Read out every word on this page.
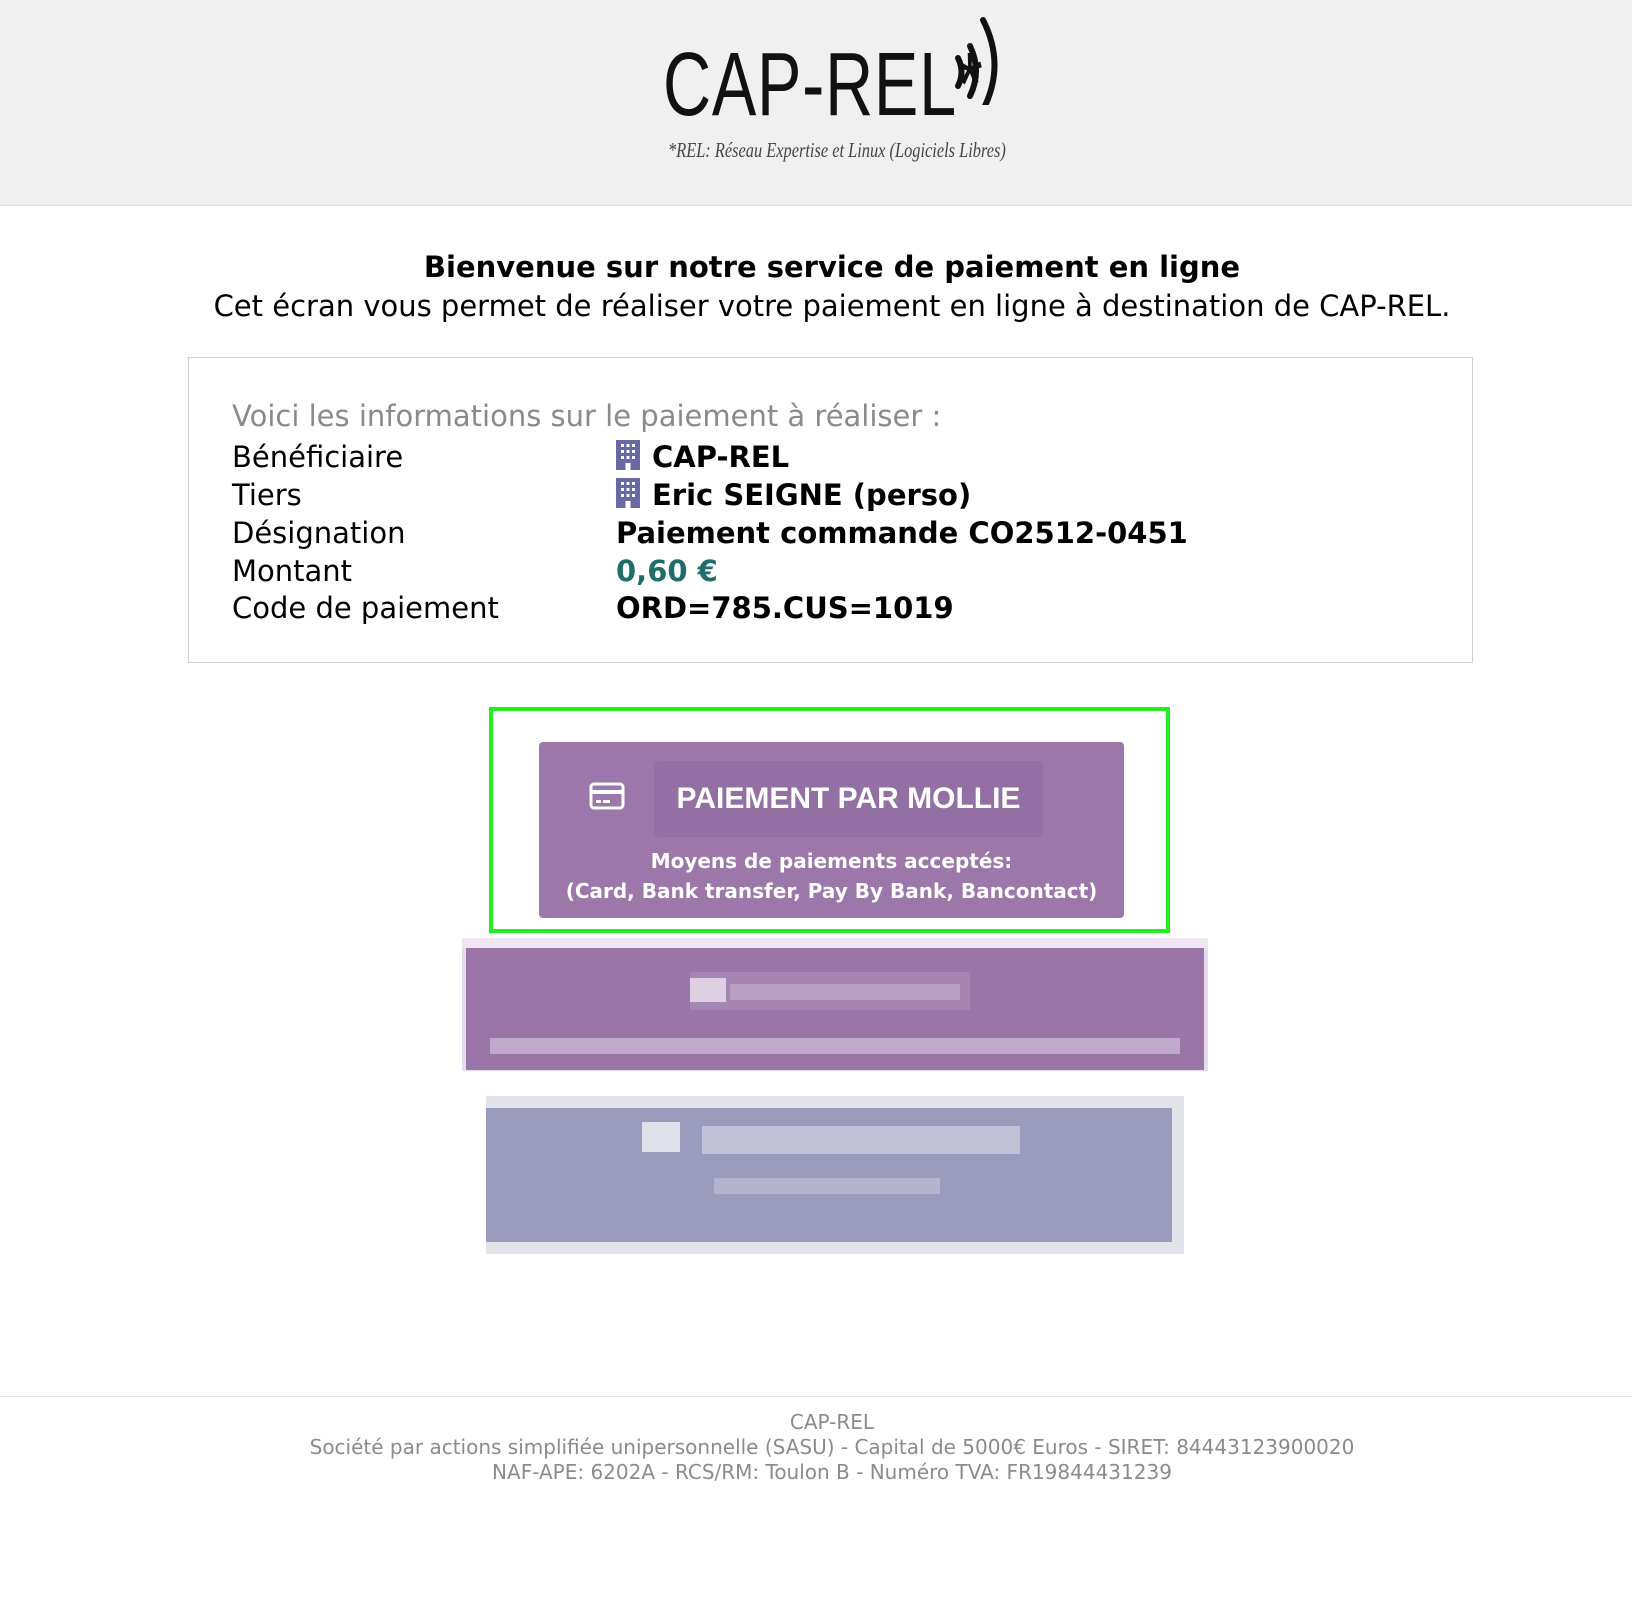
CAP-REL*
*REL: Réseau Expertise et Linux (Logiciels Libres)
Bienvenue sur notre service de paiement en ligne
Cet écran vous permet de réaliser votre paiement en ligne à destination de CAP-REL.
Voici les informations sur le paiement à réaliser :
Bénéficiaire	CAP-REL
Tiers	Eric SEIGNE (perso)
Désignation	Paiement commande CO2512-0451
Montant	0,60 €
Code de paiement	ORD=785.CUS=1019
PAIEMENT PAR MOLLIE
Moyens de paiements acceptés:
(Card, Bank transfer, Pay By Bank, Bancontact)
CAP-REL
Société par actions simplifiée unipersonnelle (SASU) - Capital de 5000€ Euros - SIRET: 84443123900020
NAF-APE: 6202A - RCS/RM: Toulon B - Numéro TVA: FR19844431239
